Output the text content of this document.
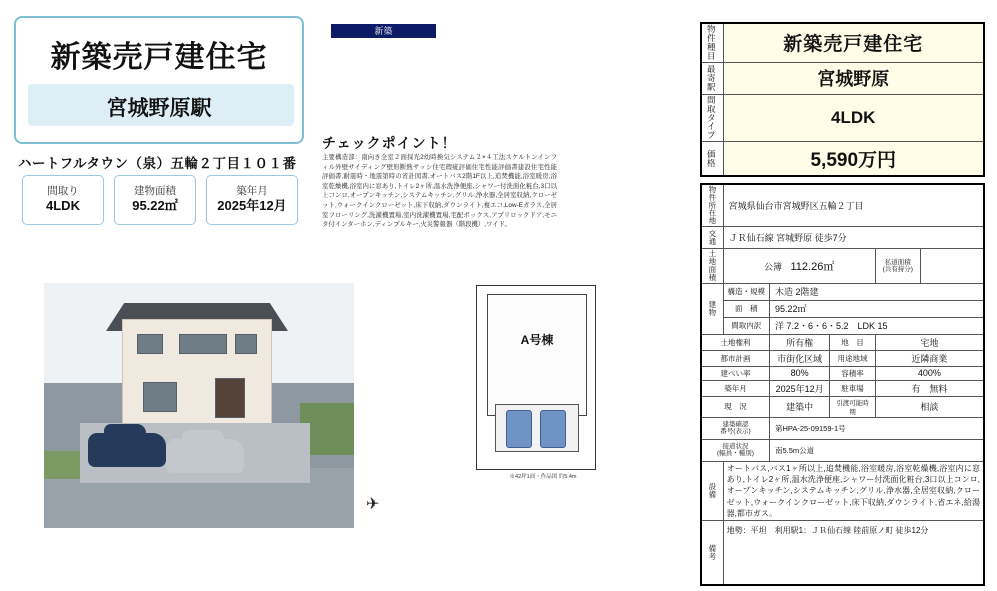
新築売戸建住宅
宮城野原駅
ハートフルタウン（泉）五輪２丁目１０１番
間取り
4LDK
建物面積
95.22㎡
築年月
2025年12月
新築
チェックポイント！
主要構造部：南向き全室２面採光2幼時換気システム２×４工法スケルトンインフィル外壁サイディング壁形断熱サッシ住宅瑕疵評価住宅性能評価書建設住宅性能評価書,耐震時・地震第時の省計図書,オートバス2階1F以上,追焚機能,浴室暖房,浴室乾燥機,浴室内に窓あり,トイレ2ヶ所,温水洗浄便座,シャワー付洗面化粧台,3口以上コンロ,オープンキッチン,システムキッチン,グリル,浄水器,全居室収納,クローゼット,ウォークインクローゼット,床下収納,ダウンライト,複エコ,Low-Eガラス,全居室フローリング,洗濯機置場,室内洗濯機置場,宅配ボックス,アプリロックドア,モニタ付インターホン,ディンプルキー,火災警報器（階段機）,ワイド。
A号棟
※42坪1面・作品図 約5.4m
✈
物件種目	新築売戸建住宅
最寄駅	宮城野原
間取タイプ	4LDK
価格	5,590万円
物件所在地	宮城県仙台市宮城野区五輪２丁目				
交通	ＪＲ仙石線 宮城野原 徒歩7分				
土地面積	公簿 112.26㎡			私道面積
(共有持分)	
建物	構造・規模	木造 2階建			
	面　積	95.22㎡			
	間取内訳	洋 7.2・6・6・5.2　LDK 15			
土地権利		所有権	地　目	宅地	
都市計画		市街化区域	用途地域	近隣商業	
建ぺい率		80%	容積率	400%	
築年月		2025年12月	駐車場	有　無料	
現　況		建築中	引渡可能時期	相談	
建築確認
番号(表示)		第HPA-25-09159-1号			
接道状況
(幅員・種別)		南5.5m公道			
設　備	オートバス,バス1ヶ所以上,追焚機能,浴室暖房,浴室乾燥機,浴室内に窓あり,トイレ2ヶ所,温水洗浄便座,シャワー付洗面化粧台,3口以上コンロ,オープンキッチン,システムキッチン,グリル,浄水器,全居室収納,クローゼット,ウォークインクローゼット,床下収納,ダウンライト,省エネ,給湯器,都市ガス。				
備　考	地勢：平坦　利用駅1：ＪＲ仙石線 陸前原ノ町 徒歩12分				
